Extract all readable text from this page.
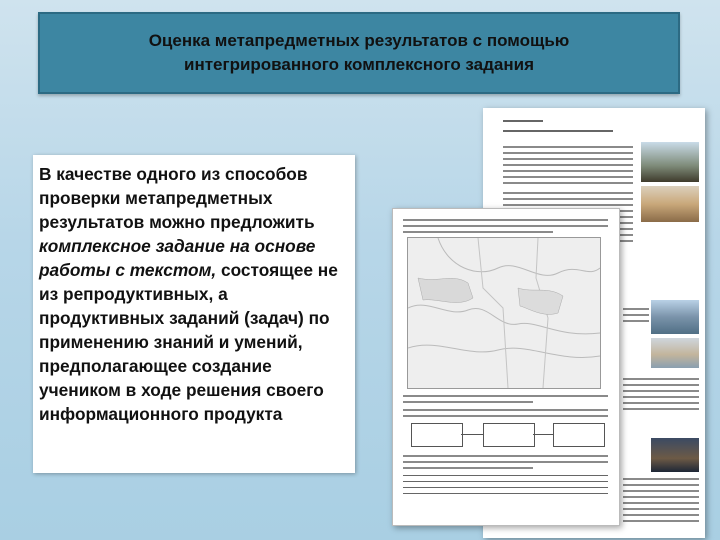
Оценка метапредметных результатов с помощью
интегрированного комплексного задания

В качестве одного из способов проверки метапредметных результатов можно предложить комплексное задание на основе работы с текстом, состоящее не из репродуктивных, а продуктивных заданий (задач) по применению знаний и умений, предполагающее создание учеником в ходе решения своего информационного продукта
